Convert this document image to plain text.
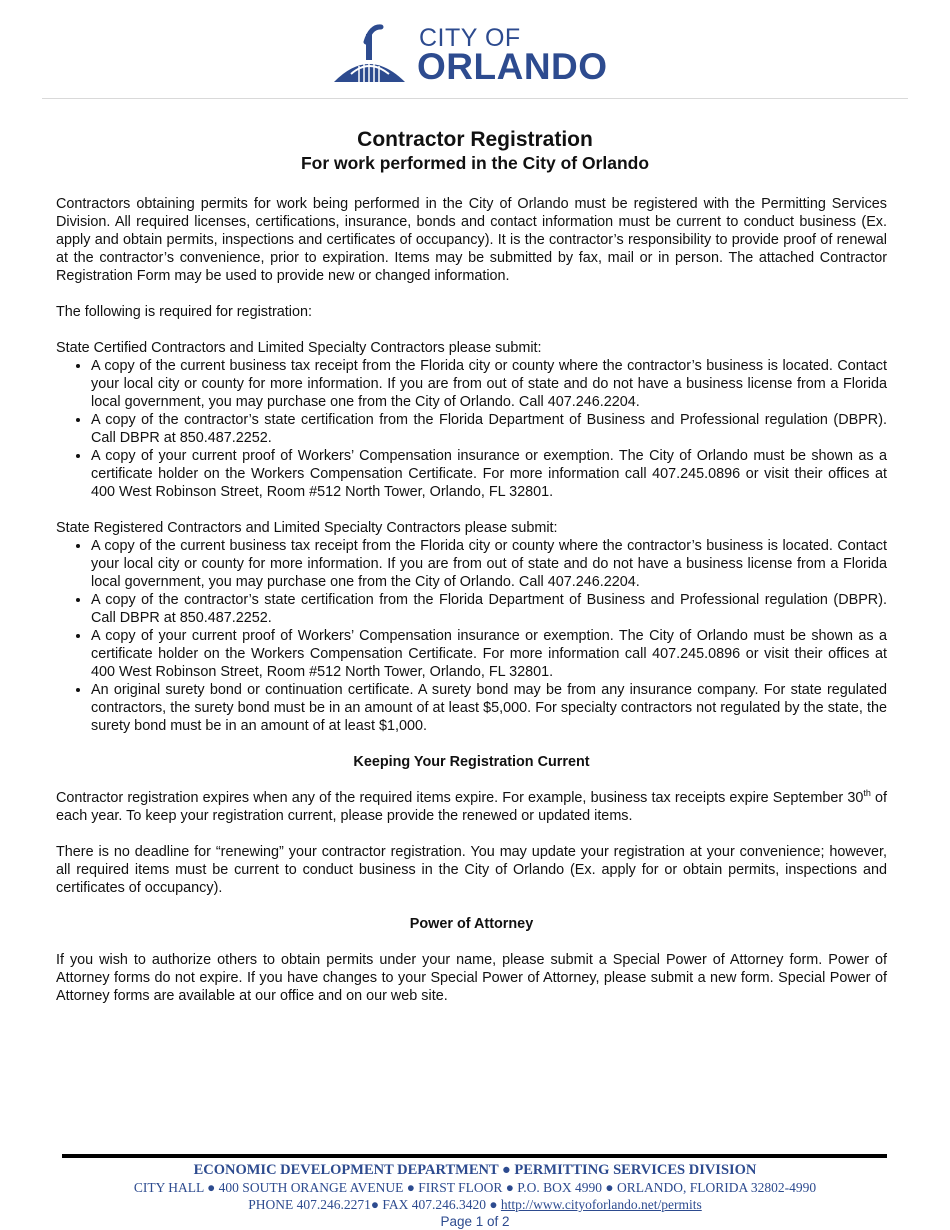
CITY OF
ORLANDO
Contractor Registration
For work performed in the City of Orlando

Contractors obtaining permits for work being performed in the City of Orlando must be registered with the Permitting Services Division. All required licenses, certifications, insurance, bonds and contact information must be current to conduct business (Ex. apply and obtain permits, inspections and certificates of occupancy). It is the contractor’s responsibility to provide proof of renewal at the contractor’s convenience, prior to expiration. Items may be submitted by fax, mail or in person. The attached Contractor Registration Form may be used to provide new or changed information.

The following is required for registration:

State Certified Contractors and Limited Specialty Contractors please submit:

• A copy of the current business tax receipt from the Florida city or county where the contractor’s business is located. Contact your local city or county for more information. If you are from out of state and do not have a business license from a Florida local government, you may purchase one from the City of Orlando. Call 407.246.2204.
• A copy of the contractor’s state certification from the Florida Department of Business and Professional regulation (DBPR). Call DBPR at 850.487.2252.
• A copy of your current proof of Workers’ Compensation insurance or exemption. The City of Orlando must be shown as a certificate holder on the Workers Compensation Certificate. For more information call 407.245.0896 or visit their offices at 400 West Robinson Street, Room #512 North Tower, Orlando, FL 32801.

State Registered Contractors and Limited Specialty Contractors please submit:

• A copy of the current business tax receipt from the Florida city or county where the contractor’s business is located. Contact your local city or county for more information. If you are from out of state and do not have a business license from a Florida local government, you may purchase one from the City of Orlando. Call 407.246.2204.
• A copy of the contractor’s state certification from the Florida Department of Business and Professional regulation (DBPR). Call DBPR at 850.487.2252.
• A copy of your current proof of Workers’ Compensation insurance or exemption. The City of Orlando must be shown as a certificate holder on the Workers Compensation Certificate. For more information call 407.245.0896 or visit their offices at 400 West Robinson Street, Room #512 North Tower, Orlando, FL 32801.
• An original surety bond or continuation certificate. A surety bond may be from any insurance company. For state regulated contractors, the surety bond must be in an amount of at least $5,000. For specialty contractors not regulated by the state, the surety bond must be in an amount of at least $1,000.
Keeping Your Registration Current

Contractor registration expires when any of the required items expire. For example, business tax receipts expire September 30th of each year. To keep your registration current, please provide the renewed or updated items.

There is no deadline for “renewing” your contractor registration. You may update your registration at your convenience; however, all required items must be current to conduct business in the City of Orlando (Ex. apply for or obtain permits, inspections and certificates of occupancy).

Power of Attorney

If you wish to authorize others to obtain permits under your name, please submit a Special Power of Attorney form. Power of Attorney forms do not expire. If you have changes to your Special Power of Attorney, please submit a new form. Special Power of Attorney forms are available at our office and on our web site.

ECONOMIC DEVELOPMENT DEPARTMENT ● PERMITTING SERVICES DIVISION
CITY HALL ● 400 SOUTH ORANGE AVENUE ● FIRST FLOOR ● P.O. BOX 4990 ● ORLANDO, FLORIDA 32802-4990
PHONE 407.246.2271● FAX 407.246.3420 ● http://www.cityoforlando.net/permits
Page 1 of 2
